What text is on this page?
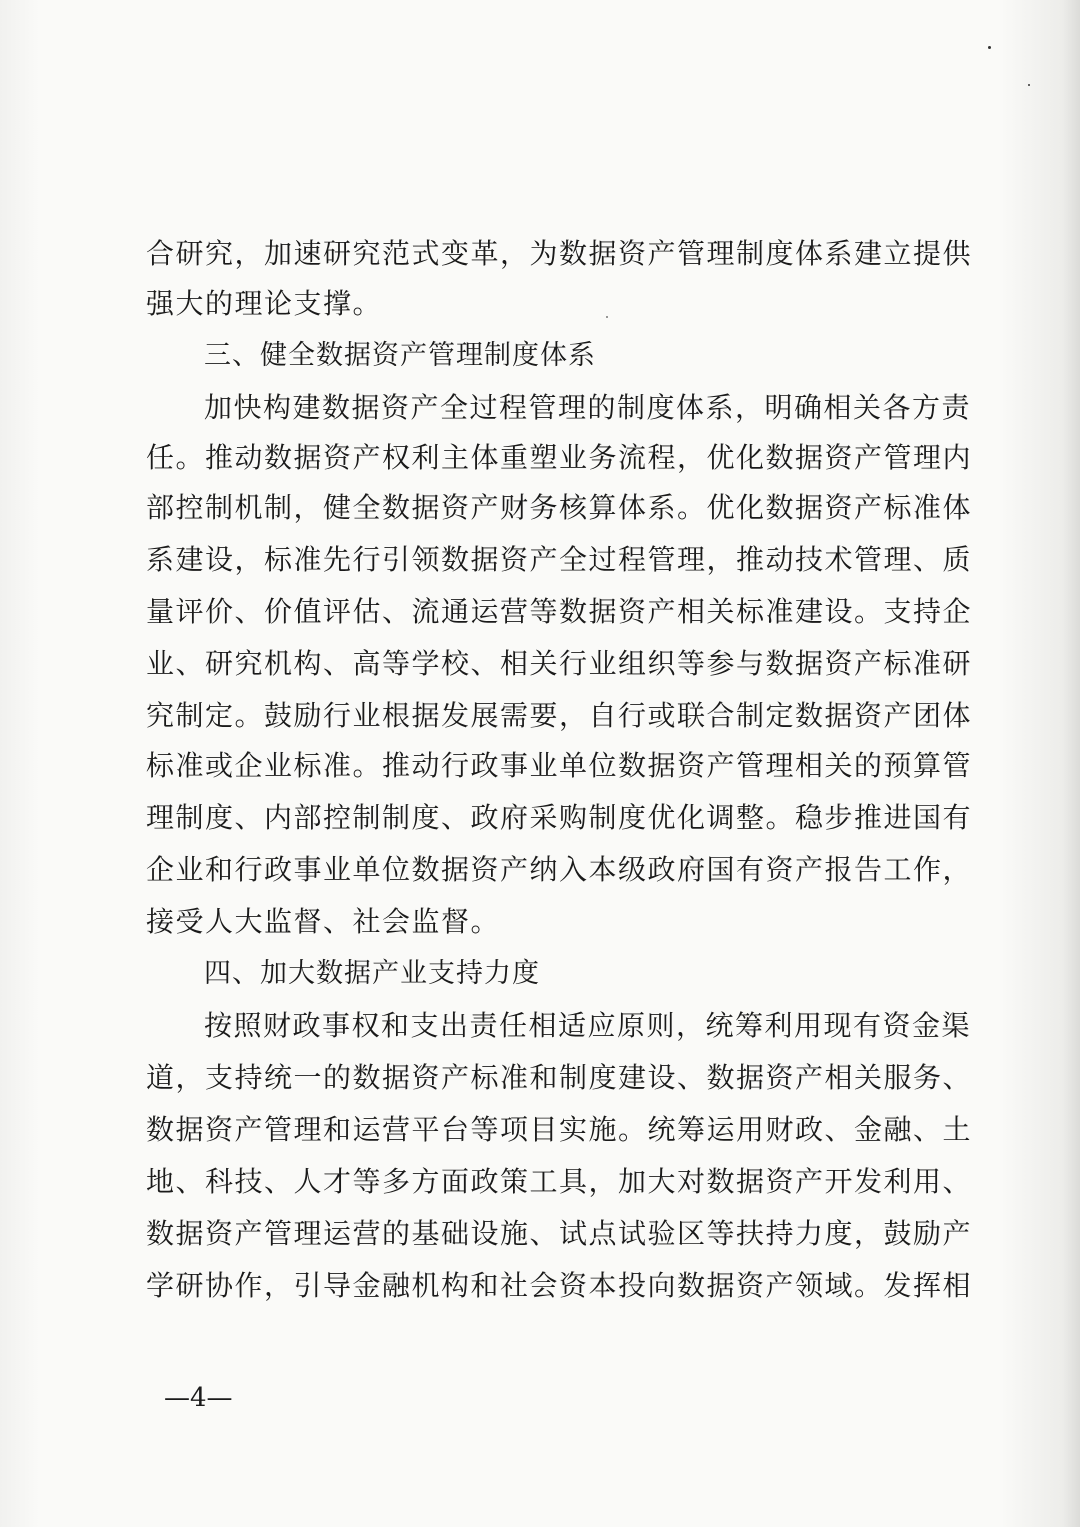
合研究，加速研究范式变革，为数据资产管理制度体系建立提供
强大的理论支撑。
三、健全数据资产管理制度体系
加快构建数据资产全过程管理的制度体系，明确相关各方责
任。推动数据资产权利主体重塑业务流程，优化数据资产管理内
部控制机制，健全数据资产财务核算体系。优化数据资产标准体
系建设，标准先行引领数据资产全过程管理，推动技术管理、质
量评价、价值评估、流通运营等数据资产相关标准建设。支持企
业、研究机构、高等学校、相关行业组织等参与数据资产标准研
究制定。鼓励行业根据发展需要，自行或联合制定数据资产团体
标准或企业标准。推动行政事业单位数据资产管理相关的预算管
理制度、内部控制制度、政府采购制度优化调整。稳步推进国有
企业和行政事业单位数据资产纳入本级政府国有资产报告工作，
接受人大监督、社会监督。
四、加大数据产业支持力度
按照财政事权和支出责任相适应原则，统筹利用现有资金渠
道，支持统一的数据资产标准和制度建设、数据资产相关服务、
数据资产管理和运营平台等项目实施。统筹运用财政、金融、土
地、科技、人才等多方面政策工具，加大对数据资产开发利用、
数据资产管理运营的基础设施、试点试验区等扶持力度，鼓励产
学研协作，引导金融机构和社会资本投向数据资产领域。发挥相
—4—
